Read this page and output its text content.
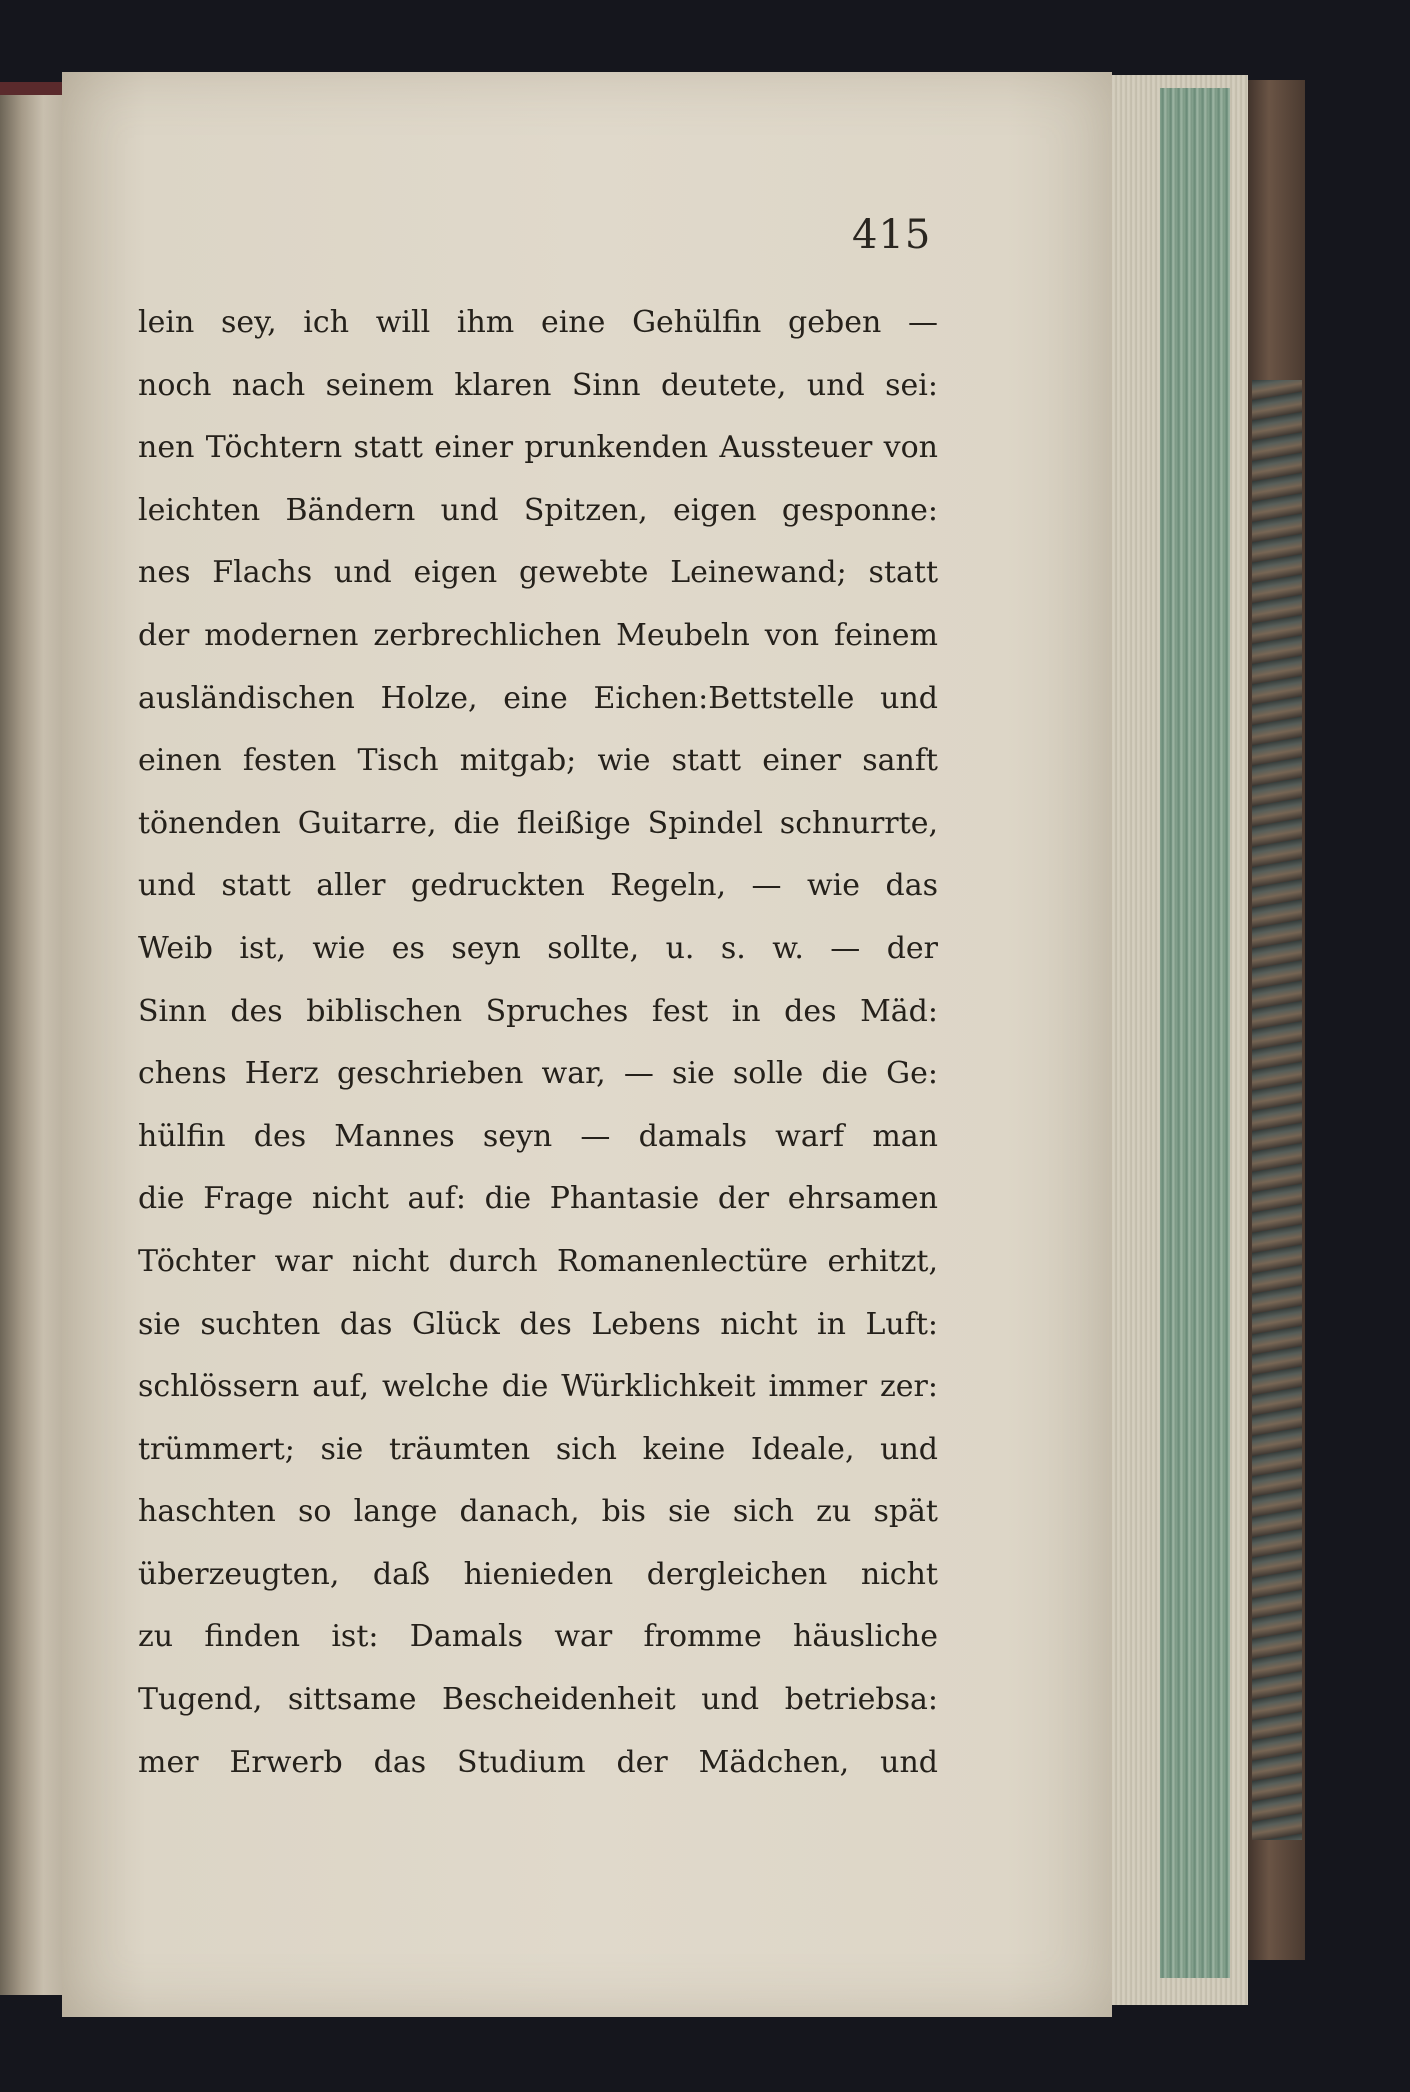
415
lein sey, ich will ihm eine Gehülfin geben —
noch nach seinem klaren Sinn deutete, und sei:
nen Töchtern statt einer prunkenden Aussteuer von
leichten Bändern und Spitzen, eigen gesponne:
nes Flachs und eigen gewebte Leinewand; statt
der modernen zerbrechlichen Meubeln von feinem
ausländischen Holze, eine Eichen:Bettstelle und
einen festen Tisch mitgab; wie statt einer sanft
tönenden Guitarre, die fleißige Spindel schnurrte,
und statt aller gedruckten Regeln, — wie das
Weib ist, wie es seyn sollte, u. s. w. — der
Sinn des biblischen Spruches fest in des Mäd:
chens Herz geschrieben war, — sie solle die Ge:
hülfin des Mannes seyn — damals warf man
die Frage nicht auf: die Phantasie der ehrsamen
Töchter war nicht durch Romanenlectüre erhitzt,
sie suchten das Glück des Lebens nicht in Luft:
schlössern auf, welche die Würklichkeit immer zer:
trümmert; sie träumten sich keine Ideale, und
haschten so lange danach, bis sie sich zu spät
überzeugten, daß hienieden dergleichen nicht
zu finden ist: Damals war fromme häusliche
Tugend, sittsame Bescheidenheit und betriebsa:
mer Erwerb das Studium der Mädchen, und
